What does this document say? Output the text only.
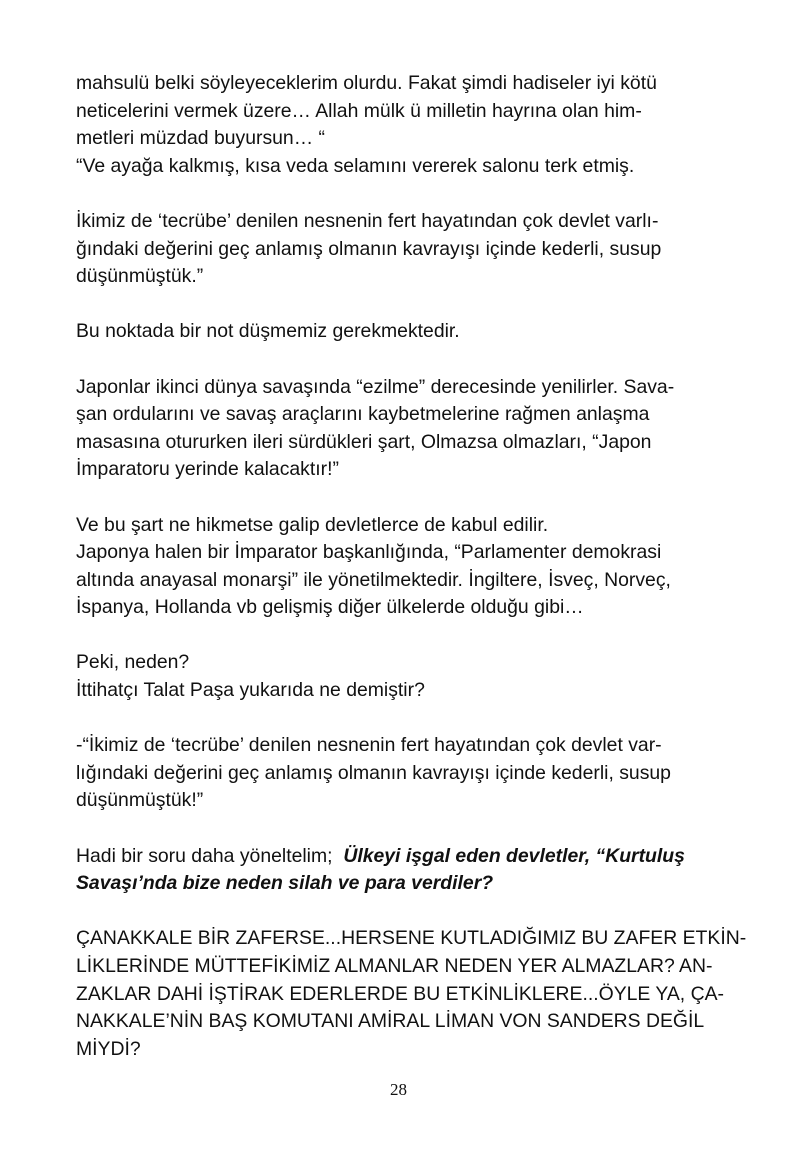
mahsulü belki söyleyeceklerim olurdu. Fakat şimdi hadiseler iyi kötü
neticelerini vermek üzere… Allah mülk ü milletin hayrına olan him-
metleri müzdad buyursun… “
“Ve ayağa kalkmış, kısa veda selamını vererek salonu terk etmiş.

İkimiz de ‘tecrübe’ denilen nesnenin fert hayatından çok devlet varlı-
ğındaki değerini geç anlamış olmanın kavrayışı içinde kederli, susup
düşünmüştük.”

Bu noktada bir not düşmemiz gerekmektedir.

Japonlar ikinci dünya savaşında “ezilme” derecesinde yenilirler. Sava-
şan ordularını ve savaş araçlarını kaybetmelerine rağmen anlaşma
masasına otururken ileri sürdükleri şart, Olmazsa olmazları, “Japon
İmparatoru yerinde kalacaktır!”

Ve bu şart ne hikmetse galip devletlerce de kabul edilir.
Japonya halen bir İmparator başkanlığında, “Parlamenter demokrasi
altında anayasal monarşi” ile yönetilmektedir. İngiltere, İsveç, Norveç,
İspanya, Hollanda vb gelişmiş diğer ülkelerde olduğu gibi…

Peki, neden?
İttihatçı Talat Paşa yukarıda ne demiştir?

-“İkimiz de ‘tecrübe’ denilen nesnenin fert hayatından çok devlet var-
lığındaki değerini geç anlamış olmanın kavrayışı içinde kederli, susup
düşünmüştük!”

Hadi bir soru daha yöneltelim; Ülkeyi işgal eden devletler, “Kurtuluş
Savaşı’nda bize neden silah ve para verdiler?

ÇANAKKALE BİR ZAFERSE...HERSENE KUTLADIĞIMIZ BU ZAFER ETKİN-
LİKLERİNDE MÜTTEFİKİMİZ ALMANLAR NEDEN YER ALMAZLAR? AN-
ZAKLAR DAHİ İŞTİRAK EDERLERDE BU ETKİNLİKLERE...ÖYLE YA, ÇA-
NAKKALE’NİN BAŞ KOMUTANI AMİRAL LİMAN VON SANDERS DEĞİL
MİYDİ?

28
